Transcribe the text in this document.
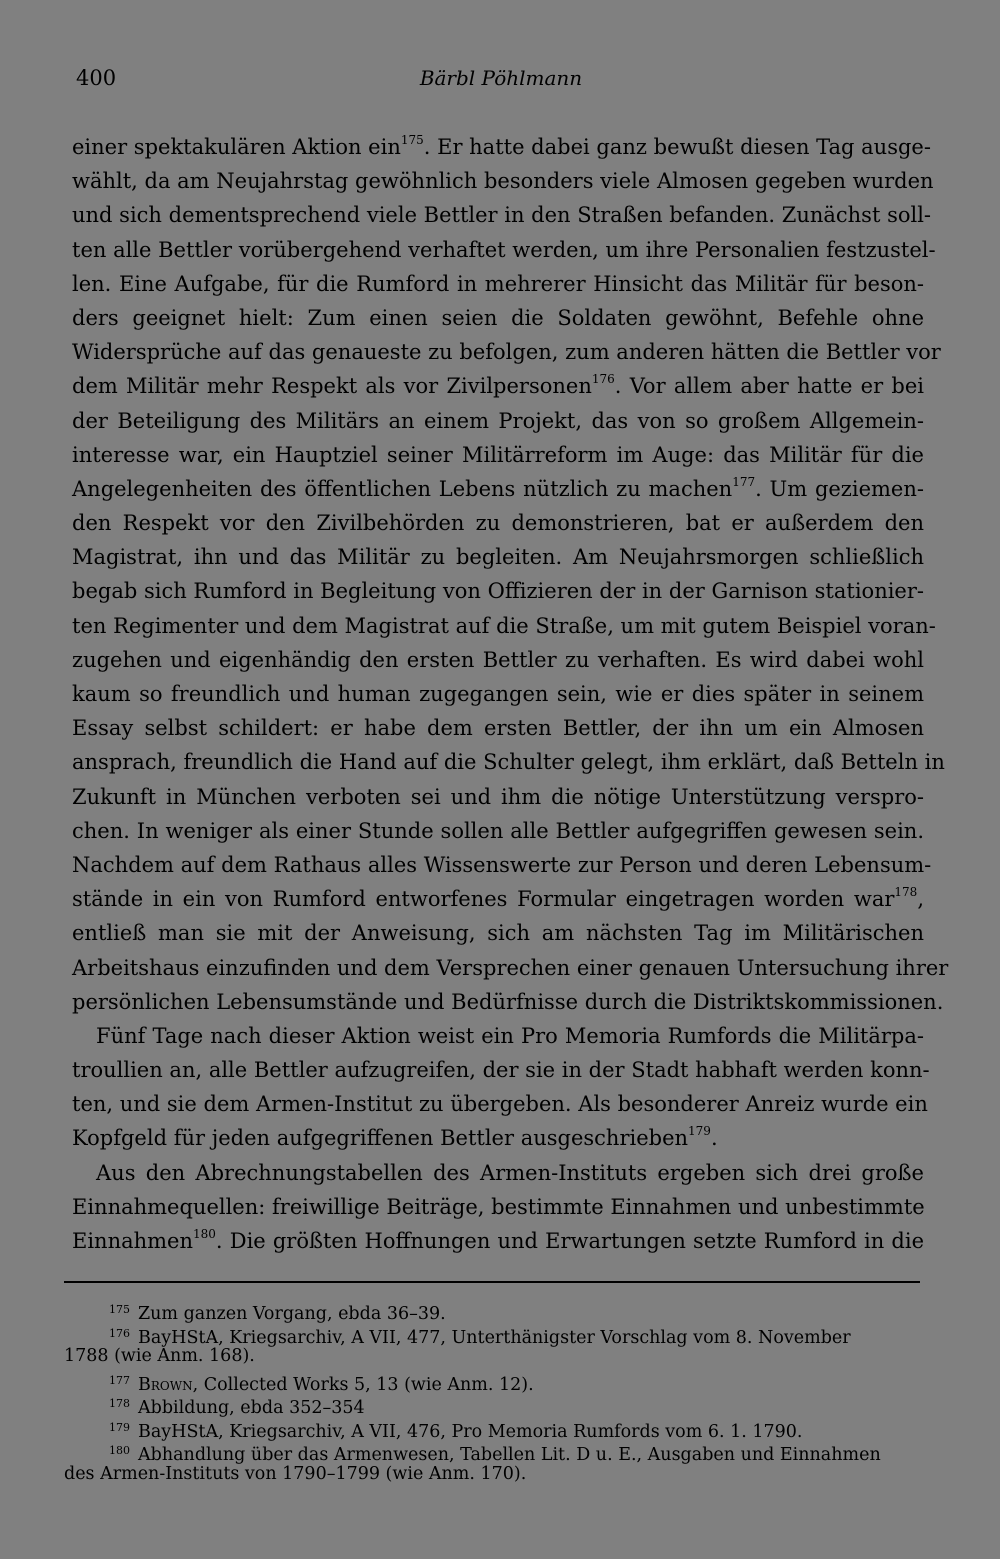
400	Bärbl Pöhlmann
einer spektakulären Aktion ein$^{175}$. Er hatte dabei ganz bewußt diesen Tag ausge-
wählt, da am Neujahrstag gewöhnlich besonders viele Almosen gegeben wurden
und sich dementsprechend viele Bettler in den Straßen befanden. Zunächst soll-
ten alle Bettler vorübergehend verhaftet werden, um ihre Personalien festzustel-
len. Eine Aufgabe, für die Rumford in mehrerer Hinsicht das Militär für beson-
ders geeignet hielt: Zum einen seien die Soldaten gewöhnt, Befehle ohne
Widersprüche auf das genaueste zu befolgen, zum anderen hätten die Bettler vor
dem Militär mehr Respekt als vor Zivilpersonen$^{176}$. Vor allem aber hatte er bei
der Beteiligung des Militärs an einem Projekt, das von so großem Allgemein-
interesse war, ein Hauptziel seiner Militärreform im Auge: das Militär für die
Angelegenheiten des öffentlichen Lebens nützlich zu machen$^{177}$. Um geziemen-
den Respekt vor den Zivilbehörden zu demonstrieren, bat er außerdem den
Magistrat, ihn und das Militär zu begleiten. Am Neujahrsmorgen schließlich
begab sich Rumford in Begleitung von Offizieren der in der Garnison stationier-
ten Regimenter und dem Magistrat auf die Straße, um mit gutem Beispiel voran-
zugehen und eigenhändig den ersten Bettler zu verhaften. Es wird dabei wohl
kaum so freundlich und human zugegangen sein, wie er dies später in seinem
Essay selbst schildert: er habe dem ersten Bettler, der ihn um ein Almosen
ansprach, freundlich die Hand auf die Schulter gelegt, ihm erklärt, daß Betteln in
Zukunft in München verboten sei und ihm die nötige Unterstützung verspro-
chen. In weniger als einer Stunde sollen alle Bettler aufgegriffen gewesen sein.
Nachdem auf dem Rathaus alles Wissenswerte zur Person und deren Lebensum-
stände in ein von Rumford entworfenes Formular eingetragen worden war$^{178}$,
entließ man sie mit der Anweisung, sich am nächsten Tag im Militärischen
Arbeitshaus einzufinden und dem Versprechen einer genauen Untersuchung ihrer
persönlichen Lebensumstände und Bedürfnisse durch die Distriktskommissionen.
Fünf Tage nach dieser Aktion weist ein Pro Memoria Rumfords die Militärpa-
troullien an, alle Bettler aufzugreifen, der sie in der Stadt habhaft werden konn-
ten, und sie dem Armen-Institut zu übergeben. Als besonderer Anreiz wurde ein
Kopfgeld für jeden aufgegriffenen Bettler ausgeschrieben$^{179}$.
Aus den Abrechnungstabellen des Armen-Instituts ergeben sich drei große
Einnahmequellen: freiwillige Beiträge, bestimmte Einnahmen und unbestimmte
Einnahmen$^{180}$. Die größten Hoffnungen und Erwartungen setzte Rumford in die
175 Zum ganzen Vorgang, ebda 36–39.
176 BayHStA, Kriegsarchiv, A VII, 477, Unterthänigster Vorschlag vom 8. November
1788 (wie Anm. 168).
177 Brown, Collected Works 5, 13 (wie Anm. 12).
178 Abbildung, ebda 352–354
179 BayHStA, Kriegsarchiv, A VII, 476, Pro Memoria Rumfords vom 6. 1. 1790.
180 Abhandlung über das Armenwesen, Tabellen Lit. D u. E., Ausgaben und Einnahmen
des Armen-Instituts von 1790–1799 (wie Anm. 170).
